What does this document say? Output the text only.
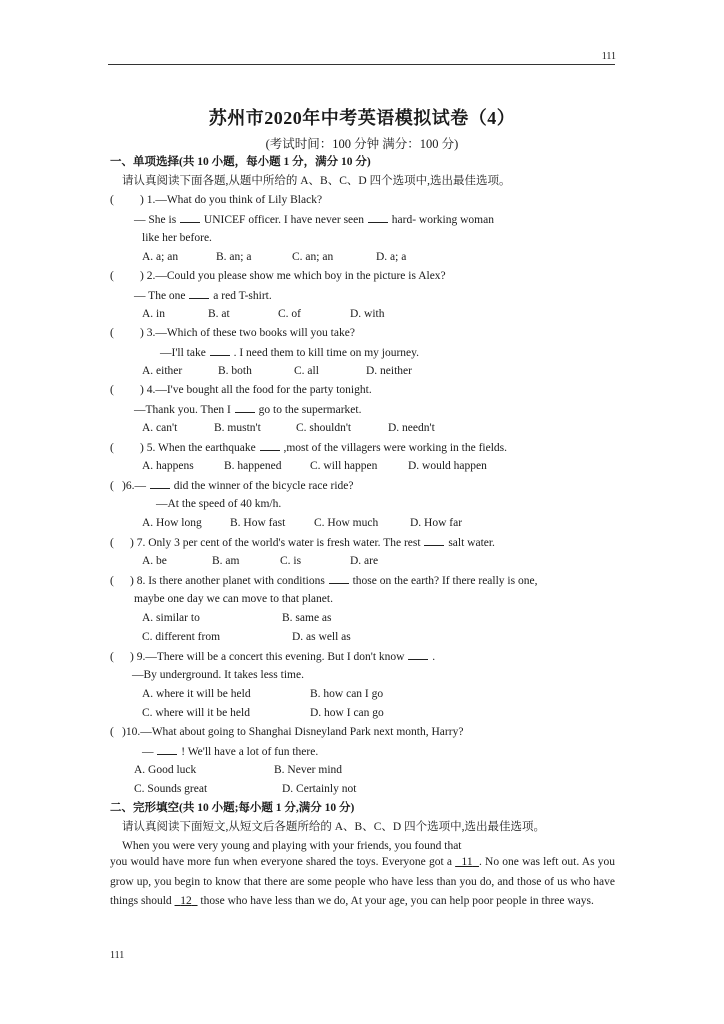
111
苏州市2020年中考英语模拟试卷（4）
(考试时间：100 分钟 满分：100 分)
一、单项选择(共 10 小题，每小题 1 分，满分 10 分)
请认真阅读下面各题,从题中所给的 A、B、C、D 四个选项中,选出最佳选项。
( ) 1.—What do you think of Lily Black?
— She is UNICEF officer. I have never seen hard- working woman
like her before.
A. a; an	B. an; a	C. an; an	D. a; a
( ) 2.—Could you please show me which boy in the picture is Alex?
— The one a red T-shirt.
A. in	B. at	C. of	D. with
( ) 3.—Which of these two books will you take?
—I'll take . I need them to kill time on my journey.
A. either	B. both	C. all	D. neither
( ) 4.—I've bought all the food for the party tonight.
—Thank you. Then I go to the supermarket.
A. can't	B. mustn't	C. shouldn't	D. needn't
( ) 5. When the earthquake ,most of the villagers were working in the fields.
A. happens	B. happened C. will happen	D. would happen
( )6.— did the winner of the bicycle race ride?
—At the speed of 40 km/h.
A. How long B. How fast C. How much	D. How far
( ) 7. Only 3 per cent of the world's water is fresh water. The rest salt water.
A. be	B. am	C. is	D. are
( ) 8. Is there another planet with conditions those on the earth? If there really is one,
maybe one day we can move to that planet.
A. similar to	B. same as
C. different from	D. as well as
( ) 9.—There will be a concert this evening. But I don't know .
—By underground. It takes less time.
A. where it will be held	B. how can I go
C. where will it be held	D. how I can go
( )10.—What about going to Shanghai Disneyland Park next month, Harry?
— ! We'll have a lot of fun there.
A. Good luck	B. Never mind
C. Sounds great	D. Certainly not
二、完形填空(共 10 小题;每小题 1 分,满分 10 分)
请认真阅读下面短文,从短文后各题所给的 A、B、C、D 四个选项中,选出最佳选项。
When you were very young and playing with your friends, you found that
you would have more fun when everyone shared the toys. Everyone got a 11 . No one was left out. As you grow up, you begin to know that there are some people who have less than you do, and those of us who have things should 12 those who have less than we do, At your age, you can help poor people in three ways.
111
